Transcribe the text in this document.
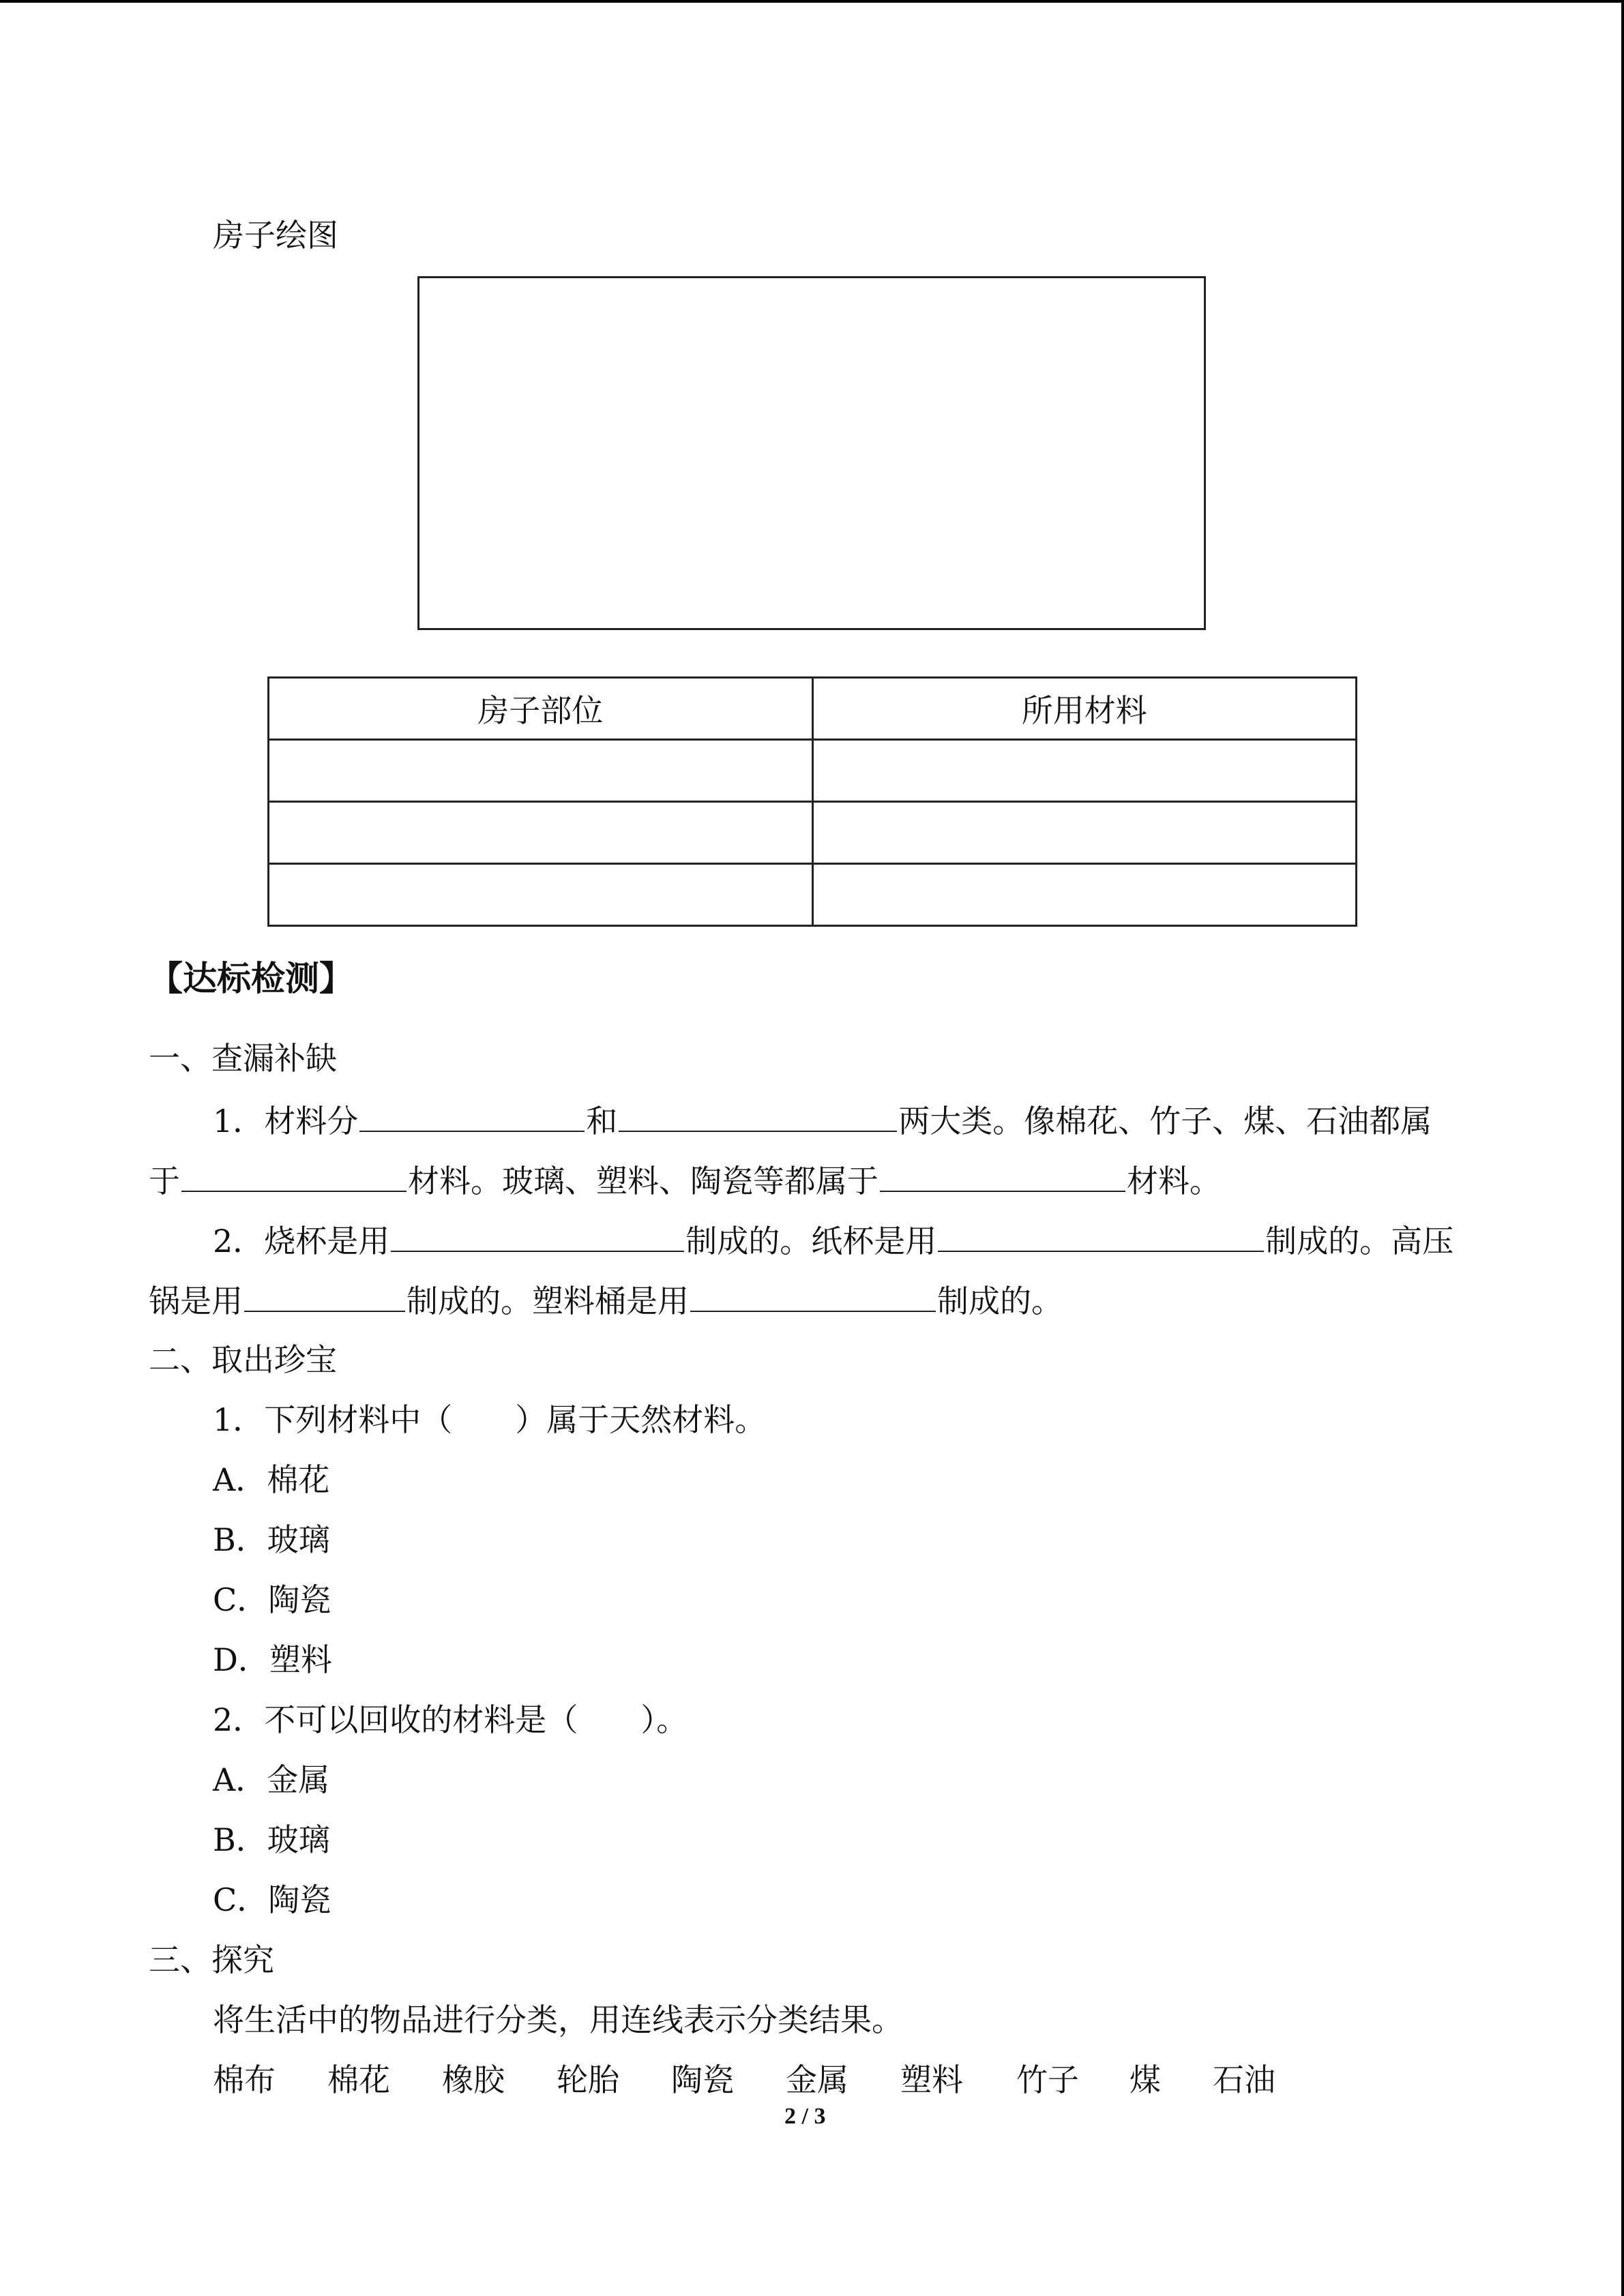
房子绘图
房子部位	所用材料

【达标检测】
一、查漏补缺
1．材料分	和	两大类。像棉花、竹子、煤、石油都属
于	材料。玻璃、塑料、陶瓷等都属于	材料。
2．烧杯是用	制成的。纸杯是用	制成的。高压
锅是用	制成的。塑料桶是用	制成的。
二、取出珍宝
1．下列材料中（　　）属于天然材料。
A．棉花
B．玻璃
C．陶瓷
D．塑料
2．不可以回收的材料是（　　）。
A．金属
B．玻璃
C．陶瓷
三、探究
将生活中的物品进行分类，用连线表示分类结果。
棉布 棉花 橡胶 轮胎 陶瓷 金属 塑料 竹子 煤 石油
2 / 3
